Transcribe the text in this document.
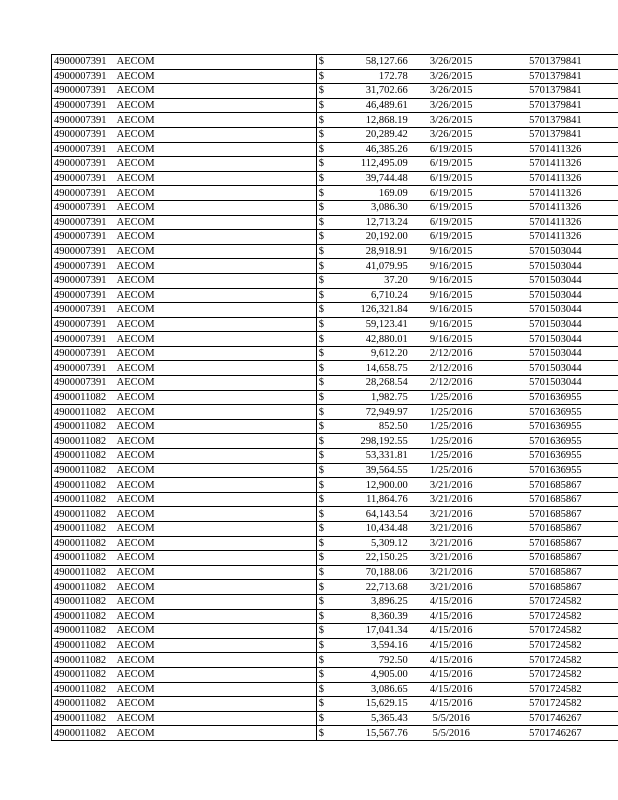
4900007391	AECOM	$	58,127.66	3/26/2015	5701379841
4900007391	AECOM	$	172.78	3/26/2015	5701379841
4900007391	AECOM	$	31,702.66	3/26/2015	5701379841
4900007391	AECOM	$	46,489.61	3/26/2015	5701379841
4900007391	AECOM	$	12,868.19	3/26/2015	5701379841
4900007391	AECOM	$	20,289.42	3/26/2015	5701379841
4900007391	AECOM	$	46,385.26	6/19/2015	5701411326
4900007391	AECOM	$	112,495.09	6/19/2015	5701411326
4900007391	AECOM	$	39,744.48	6/19/2015	5701411326
4900007391	AECOM	$	169.09	6/19/2015	5701411326
4900007391	AECOM	$	3,086.30	6/19/2015	5701411326
4900007391	AECOM	$	12,713.24	6/19/2015	5701411326
4900007391	AECOM	$	20,192.00	6/19/2015	5701411326
4900007391	AECOM	$	28,918.91	9/16/2015	5701503044
4900007391	AECOM	$	41,079.95	9/16/2015	5701503044
4900007391	AECOM	$	37.20	9/16/2015	5701503044
4900007391	AECOM	$	6,710.24	9/16/2015	5701503044
4900007391	AECOM	$	126,321.84	9/16/2015	5701503044
4900007391	AECOM	$	59,123.41	9/16/2015	5701503044
4900007391	AECOM	$	42,880.01	9/16/2015	5701503044
4900007391	AECOM	$	9,612.20	2/12/2016	5701503044
4900007391	AECOM	$	14,658.75	2/12/2016	5701503044
4900007391	AECOM	$	28,268.54	2/12/2016	5701503044
4900011082	AECOM	$	1,982.75	1/25/2016	5701636955
4900011082	AECOM	$	72,949.97	1/25/2016	5701636955
4900011082	AECOM	$	852.50	1/25/2016	5701636955
4900011082	AECOM	$	298,192.55	1/25/2016	5701636955
4900011082	AECOM	$	53,331.81	1/25/2016	5701636955
4900011082	AECOM	$	39,564.55	1/25/2016	5701636955
4900011082	AECOM	$	12,900.00	3/21/2016	5701685867
4900011082	AECOM	$	11,864.76	3/21/2016	5701685867
4900011082	AECOM	$	64,143.54	3/21/2016	5701685867
4900011082	AECOM	$	10,434.48	3/21/2016	5701685867
4900011082	AECOM	$	5,309.12	3/21/2016	5701685867
4900011082	AECOM	$	22,150.25	3/21/2016	5701685867
4900011082	AECOM	$	70,188.06	3/21/2016	5701685867
4900011082	AECOM	$	22,713.68	3/21/2016	5701685867
4900011082	AECOM	$	3,896.25	4/15/2016	5701724582
4900011082	AECOM	$	8,360.39	4/15/2016	5701724582
4900011082	AECOM	$	17,041.34	4/15/2016	5701724582
4900011082	AECOM	$	3,594.16	4/15/2016	5701724582
4900011082	AECOM	$	792.50	4/15/2016	5701724582
4900011082	AECOM	$	4,905.00	4/15/2016	5701724582
4900011082	AECOM	$	3,086.65	4/15/2016	5701724582
4900011082	AECOM	$	15,629.15	4/15/2016	5701724582
4900011082	AECOM	$	5,365.43	5/5/2016	5701746267
4900011082	AECOM	$	15,567.76	5/5/2016	5701746267
